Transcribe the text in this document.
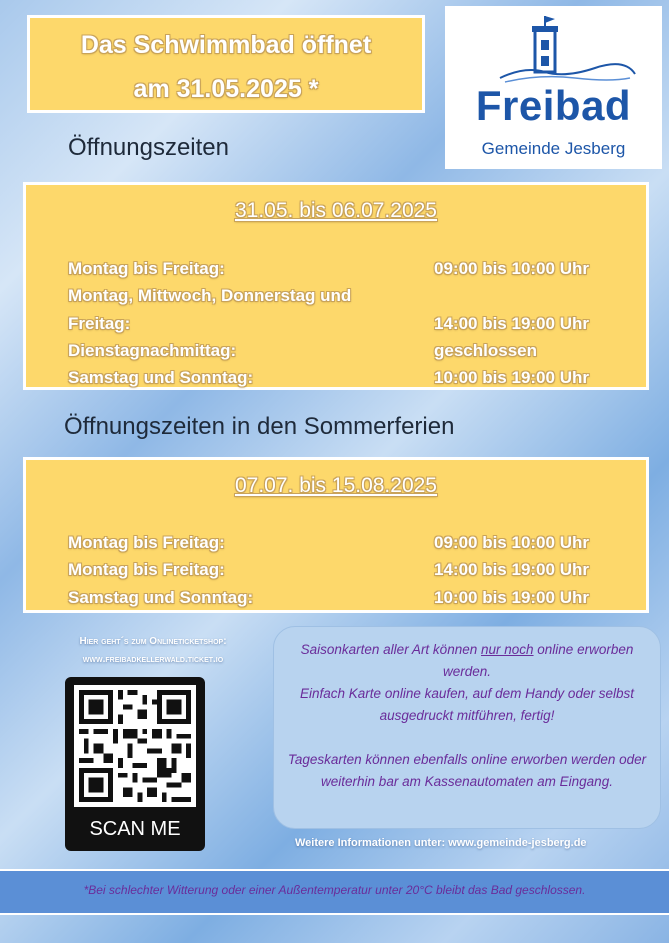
Das Schwimmbad öffnet
am 31.05.2025 *	Freibad
Gemeinde Jesberg
Öffnungszeiten
31.05. bis 06.07.2025
Montag bis Freitag:	09:00 bis 10:00 Uhr
Montag, Mittwoch, Donnerstag und
Freitag:	14:00 bis 19:00 Uhr
Dienstagnachmittag:	geschlossen
Samstag und Sonntag:	10:00 bis 19:00 Uhr
Öffnungszeiten in den Sommerferien
07.07. bis 15.08.2025
Montag bis Freitag:	09:00 bis 10:00 Uhr
Montag bis Freitag:	14:00 bis 19:00 Uhr
Samstag und Sonntag:	10:00 bis 19:00 Uhr
Hier geht´s zum Onlineticketshop:
www.freibadkellerwald.ticket.io
SCAN ME

Saisonkarten aller Art können nur noch online erworben werden.

Einfach Karte online kaufen, auf dem Handy oder selbst ausgedruckt mitführen, fertig!

Tageskarten können ebenfalls online erworben werden oder weiterhin bar am Kassenautomaten am Eingang.

Weitere Informationen unter: www.gemeinde-jesberg.de
*Bei schlechter Witterung oder einer Außentemperatur unter 20°C bleibt das Bad geschlossen.
